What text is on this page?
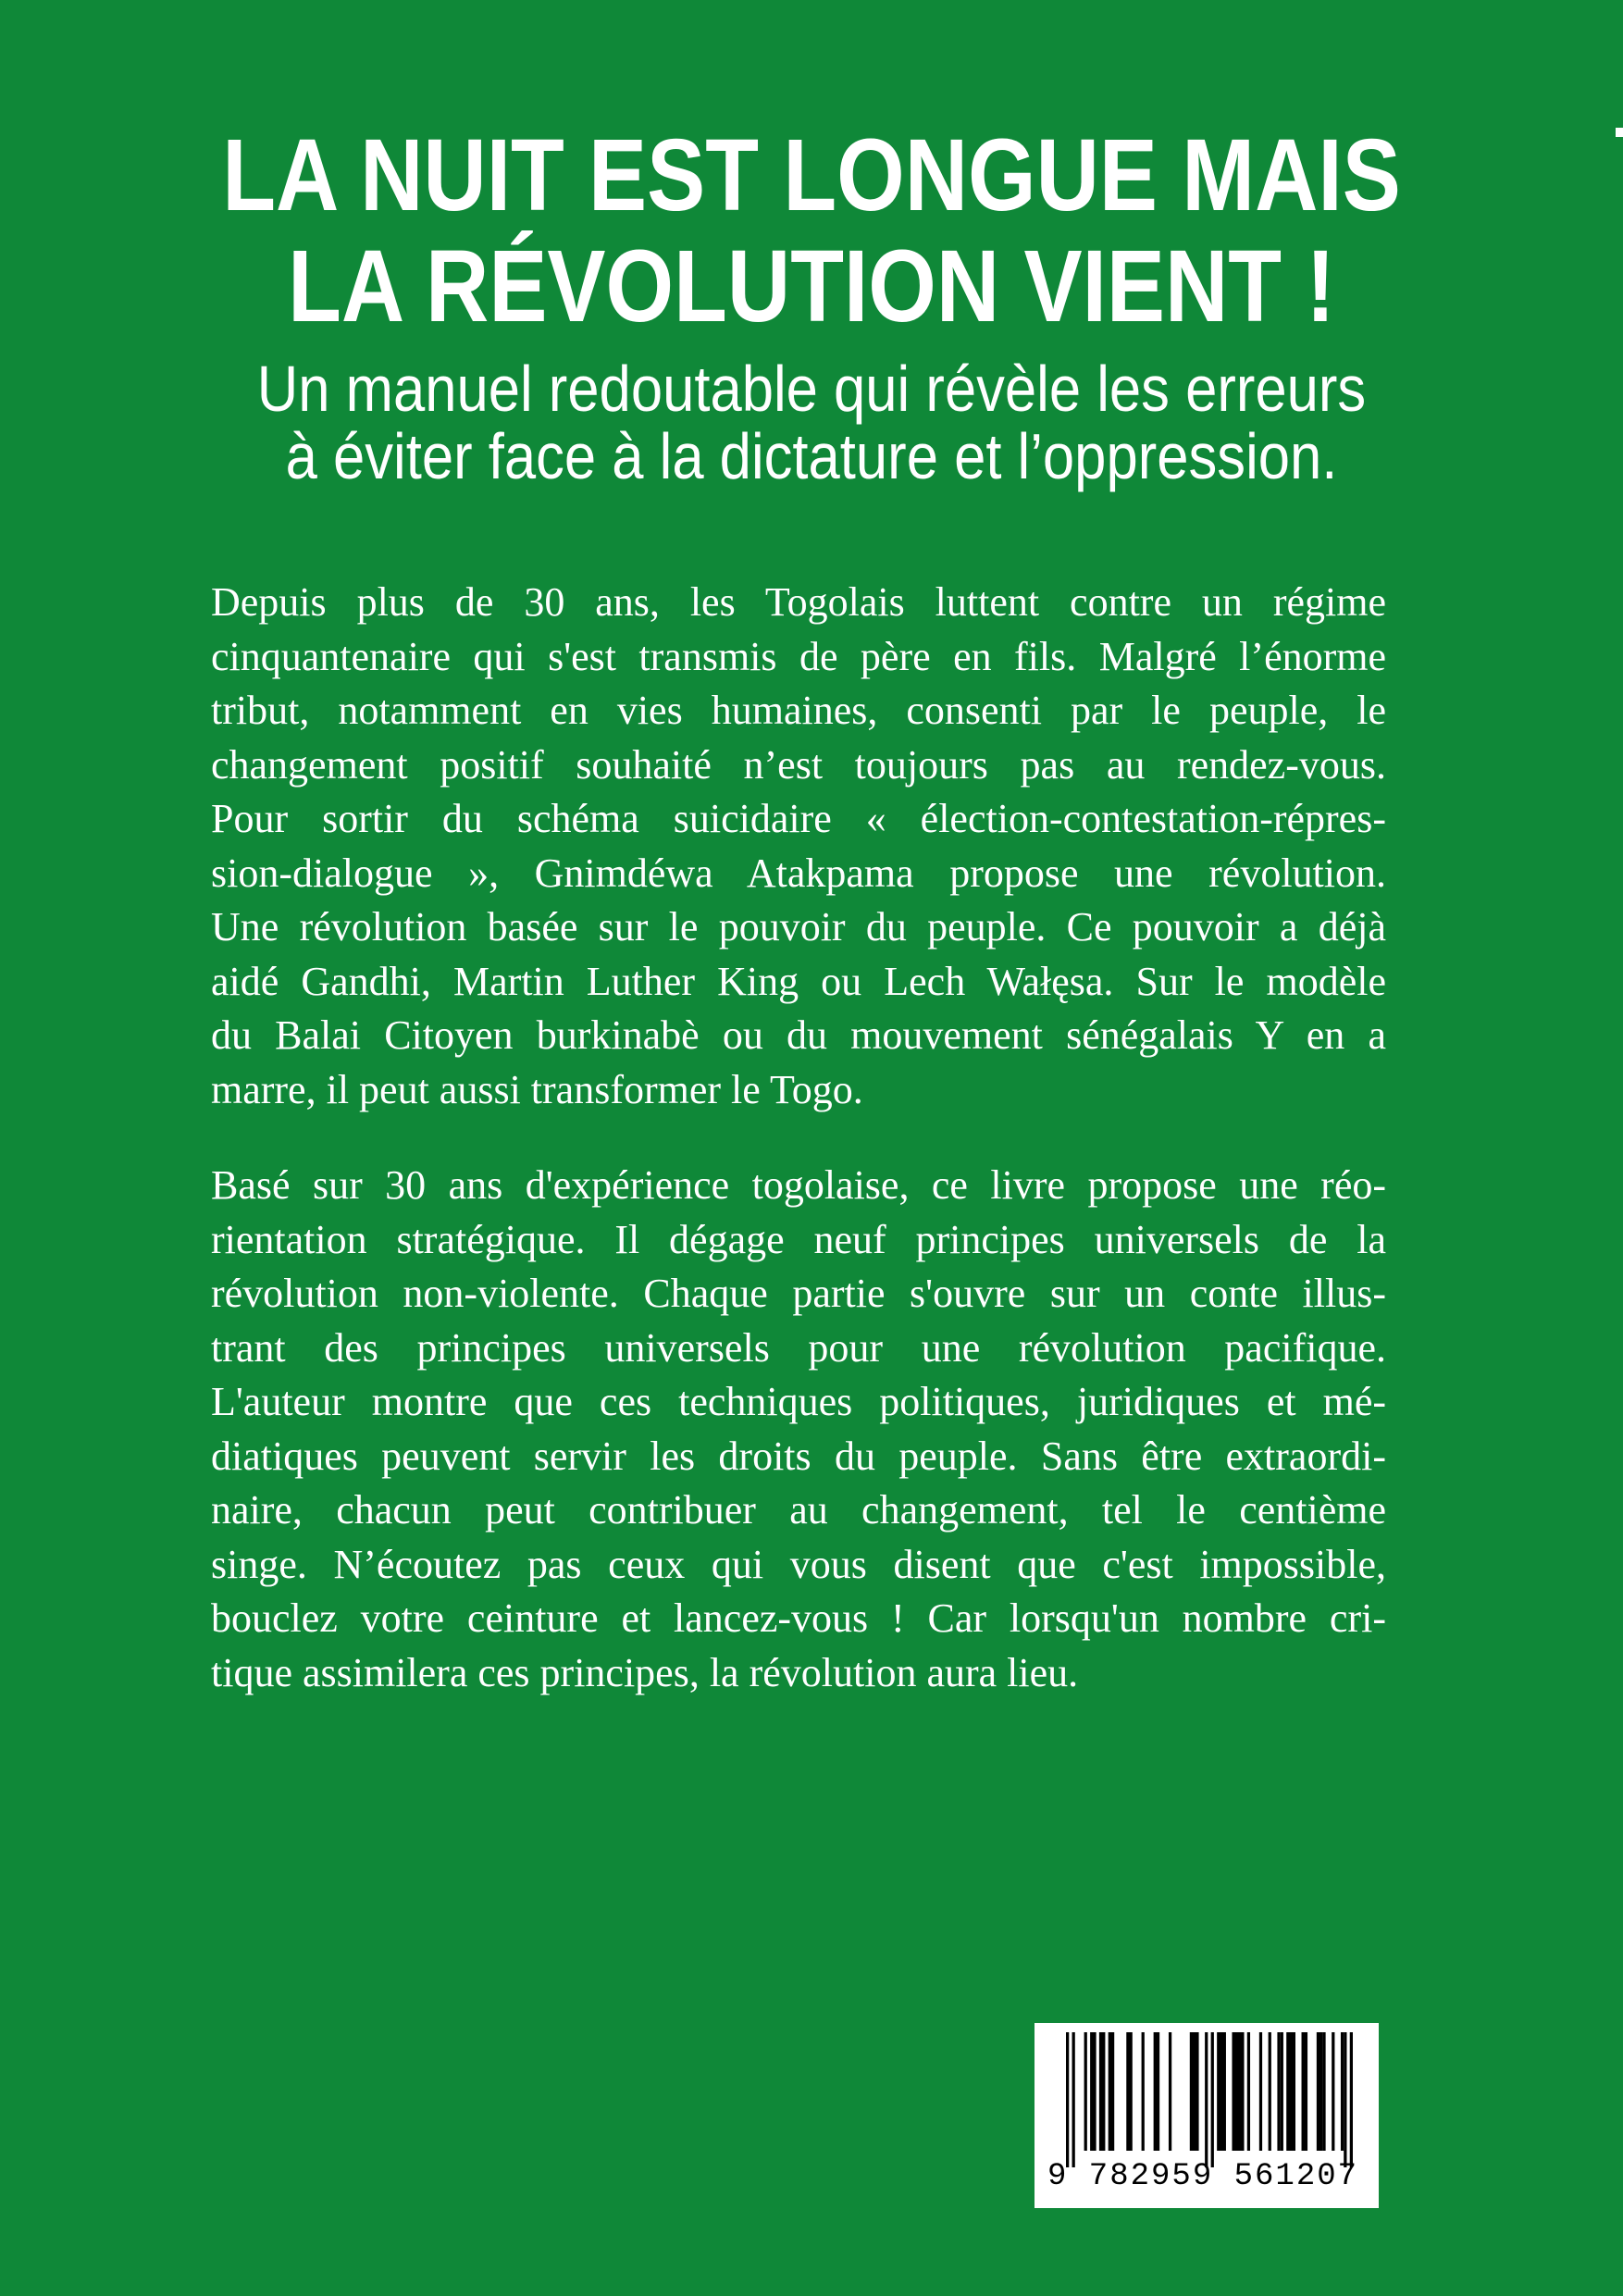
LA NUIT EST LONGUE MAIS
LA RÉVOLUTION VIENT !

Un manuel redoutable qui révèle les erreurs

à éviter face à la dictature et l’oppression.

Depuis plus de 30 ans, les Togolais luttent contre un régime
cinquantenaire qui s'est transmis de père en fils. Malgré l’énorme
tribut, notamment en vies humaines, consenti par le peuple, le
changement positif souhaité n’est toujours pas au rendez-vous.
Pour sortir du schéma suicidaire « élection-contestation-répres-
sion-dialogue », Gnimdéwa Atakpama propose une révolution.
Une révolution basée sur le pouvoir du peuple. Ce pouvoir a déjà
aidé Gandhi, Martin Luther King ou Lech Wałęsa. Sur le modèle
du Balai Citoyen burkinabè ou du mouvement sénégalais Y en a
marre, il peut aussi transformer le Togo.
Basé sur 30 ans d'expérience togolaise, ce livre propose une réo-
rientation stratégique. Il dégage neuf principes universels de la
révolution non-violente. Chaque partie s'ouvre sur un conte illus-
trant des principes universels pour une révolution pacifique.
L'auteur montre que ces techniques politiques, juridiques et mé-
diatiques peuvent servir les droits du peuple. Sans être extraordi-
naire, chacun peut contribuer au changement, tel le centième
singe. N’écoutez pas ceux qui vous disent que c'est impossible,
bouclez votre ceinture et lancez-vous ! Car lorsqu'un nombre cri-
tique assimilera ces principes, la révolution aura lieu.
9 782959 561207
